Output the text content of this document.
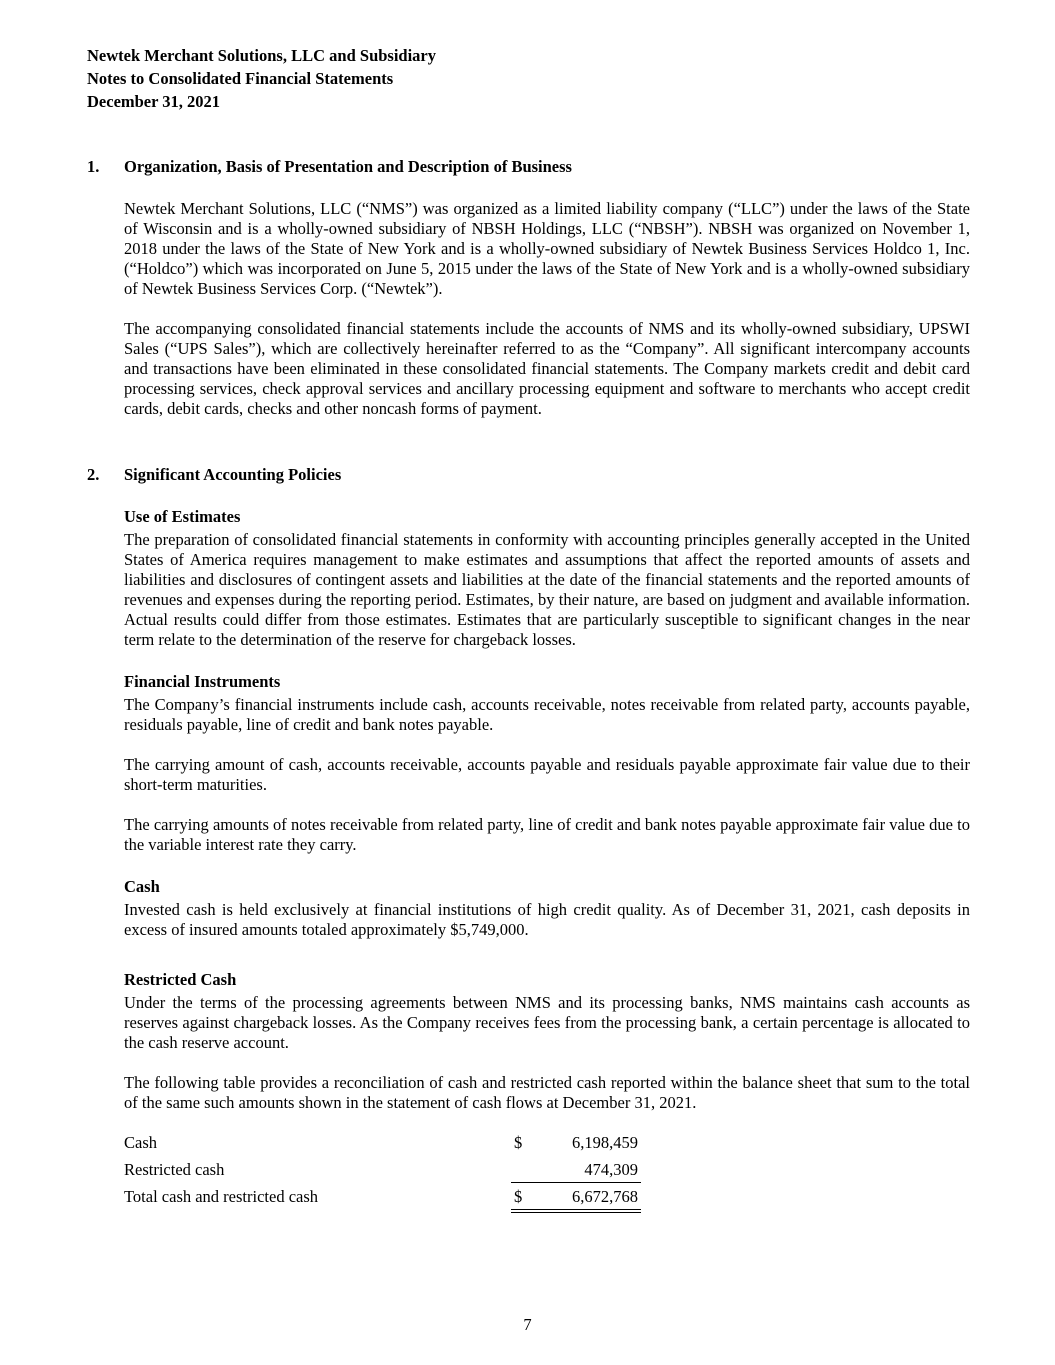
Newtek Merchant Solutions, LLC and Subsidiary
Notes to Consolidated Financial Statements
December 31, 2021
1.	Organization, Basis of Presentation and Description of Business

Newtek Merchant Solutions, LLC (“NMS”) was organized as a limited liability company (“LLC”) under the laws of the State of Wisconsin and is a wholly-owned subsidiary of NBSH Holdings, LLC (“NBSH”). NBSH was organized on November 1, 2018 under the laws of the State of New York and is a wholly-owned subsidiary of Newtek Business Services Holdco 1, Inc. (“Holdco”) which was incorporated on June 5, 2015 under the laws of the State of New York and is a wholly-owned subsidiary of Newtek Business Services Corp. (“Newtek”).

The accompanying consolidated financial statements include the accounts of NMS and its wholly-owned subsidiary, UPSWI Sales (“UPS Sales”), which are collectively hereinafter referred to as the “Company”. All significant intercompany accounts and transactions have been eliminated in these consolidated financial statements. The Company markets credit and debit card processing services, check approval services and ancillary processing equipment and software to merchants who accept credit cards, debit cards, checks and other noncash forms of payment.

2.	Significant Accounting Policies
Use of Estimates

The preparation of consolidated financial statements in conformity with accounting principles generally accepted in the United States of America requires management to make estimates and assumptions that affect the reported amounts of assets and liabilities and disclosures of contingent assets and liabilities at the date of the financial statements and the reported amounts of revenues and expenses during the reporting period. Estimates, by their nature, are based on judgment and available information. Actual results could differ from those estimates. Estimates that are particularly susceptible to significant changes in the near term relate to the determination of the reserve for chargeback losses.

Financial Instruments

The Company’s financial instruments include cash, accounts receivable, notes receivable from related party, accounts payable, residuals payable, line of credit and bank notes payable.

The carrying amount of cash, accounts receivable, accounts payable and residuals payable approximate fair value due to their short-term maturities.

The carrying amounts of notes receivable from related party, line of credit and bank notes payable approximate fair value due to the variable interest rate they carry.

Cash

Invested cash is held exclusively at financial institutions of high credit quality. As of December 31, 2021, cash deposits in excess of insured amounts totaled approximately $5,749,000.

Restricted Cash

Under the terms of the processing agreements between NMS and its processing banks, NMS maintains cash accounts as reserves against chargeback losses. As the Company receives fees from the processing bank, a certain percentage is allocated to the cash reserve account.

The following table provides a reconciliation of cash and restricted cash reported within the balance sheet that sum to the total of the same such amounts shown in the statement of cash flows at December 31, 2021.

Cash	$	6,198,459
Restricted cash	474,309
Total cash and restricted cash	$	6,672,768
7
